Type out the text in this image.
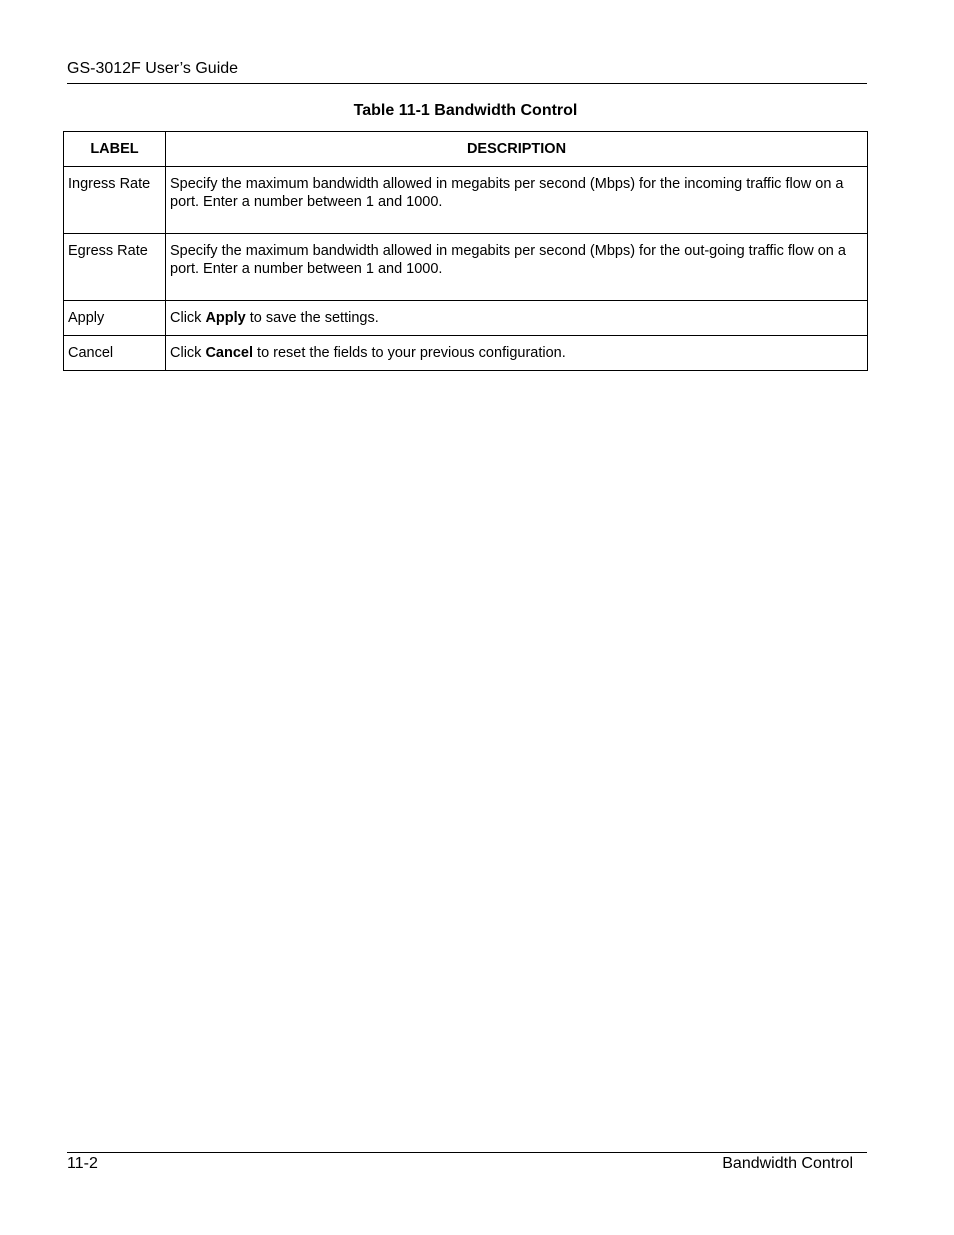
GS-3012F User’s Guide
Table 11-1 Bandwidth Control
LABEL	DESCRIPTION
Ingress Rate	Specify the maximum bandwidth allowed in megabits per second (Mbps) for the incoming traffic flow on a port. Enter a number between 1 and 1000.
Egress Rate	Specify the maximum bandwidth allowed in megabits per second (Mbps) for the out-going traffic flow on a port. Enter a number between 1 and 1000.
Apply	Click Apply to save the settings.
Cancel	Click Cancel to reset the fields to your previous configuration.
11-2	Bandwidth Control
